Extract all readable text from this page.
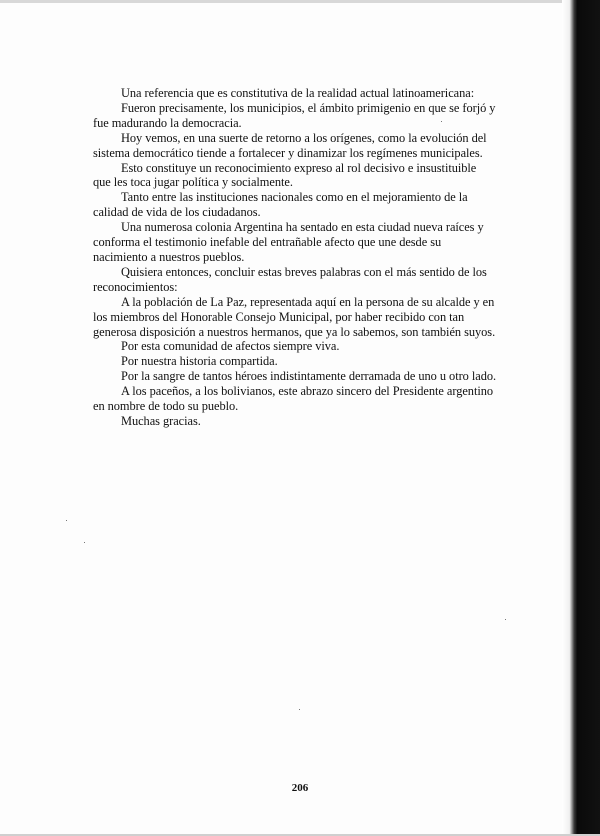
Una referencia que es constitutiva de la realidad actual latinoamericana:

Fueron precisamente, los municipios, el ámbito primigenio en que se forjó y fue madurando la democracia.

Hoy vemos, en una suerte de retorno a los orígenes, como la evolución del sistema democrático tiende a fortalecer y dinamizar los regímenes municipales.

Esto constituye un reconocimiento expreso al rol decisivo e insustituible que les toca jugar política y socialmente.

Tanto entre las instituciones nacionales como en el mejoramiento de la calidad de vida de los ciudadanos.

Una numerosa colonia Argentina ha sentado en esta ciudad nueva raíces y conforma el testimonio inefable del entrañable afecto que une desde su nacimiento a nuestros pueblos.

Quisiera entonces, concluir estas breves palabras con el más sentido de los reconocimientos:

A la población de La Paz, representada aquí en la persona de su alcalde y en los miembros del Honorable Consejo Municipal, por haber recibido con tan generosa disposición a nuestros hermanos, que ya lo sabemos, son también suyos.

Por esta comunidad de afectos siempre viva.

Por nuestra historia compartida.

Por la sangre de tantos héroes indistintamente derramada de uno u otro lado.

A los paceños, a los bolivianos, este abrazo sincero del Presidente argentino en nombre de todo su pueblo.

Muchas gracias.

206
